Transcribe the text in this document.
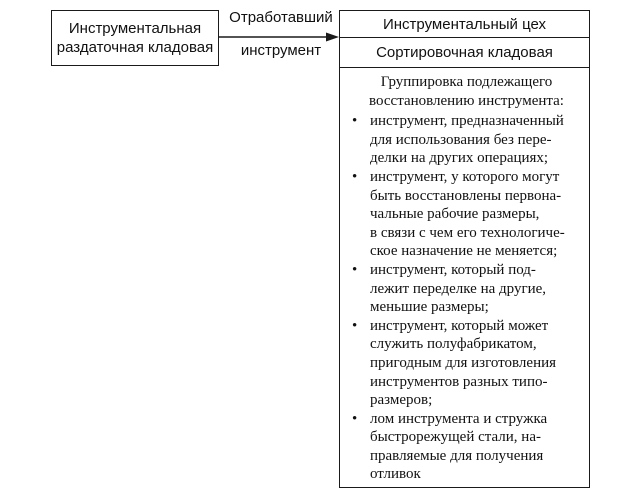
Инструментальная
раздаточная кладовая
Отработавший
инструмент
Инструментальный цех
Сортировочная кладовая
Группировка подлежащего
восстановлению инструмента:
• инструмент, предназначенный
для использования без пере-
делки на других операциях;
• инструмент, у которого могут
быть восстановлены первона-
чальные рабочие размеры,
в связи с чем его технологиче-
ское назначение не меняется;
• инструмент, который под-
лежит переделке на другие,
меньшие размеры;
• инструмент, который может
служить полуфабрикатом,
пригодным для изготовления
инструментов разных типо-
размеров;
• лом инструмента и стружка
быстрорежущей стали, на-
правляемые для получения
отливок
